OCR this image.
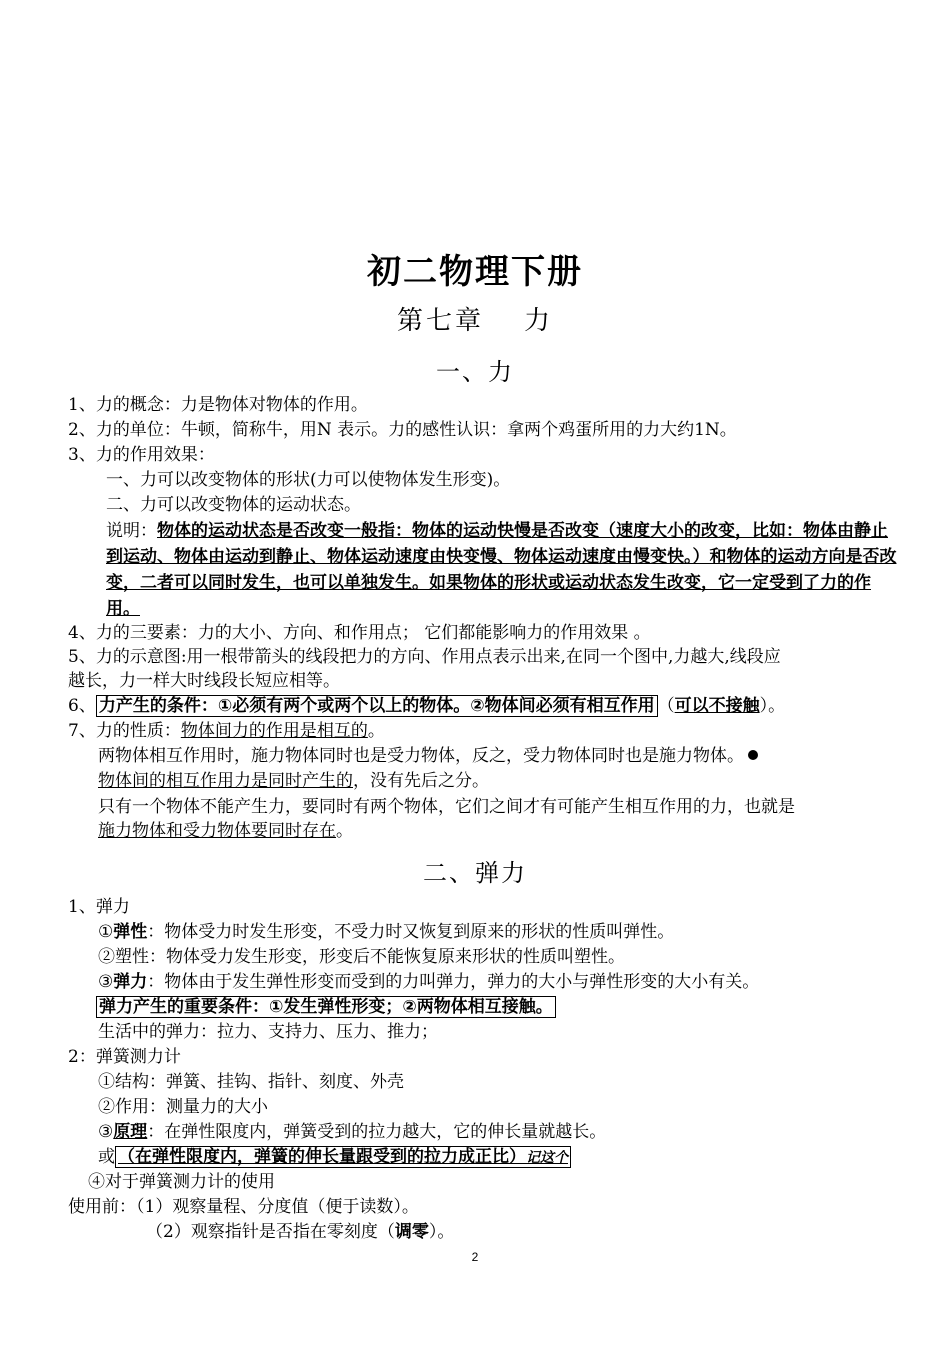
初二物理下册
第七章 力
一、力
1、力的概念：力是物体对物体的作用。
2、力的单位：牛顿，简称牛，用N 表示。力的感性认识：拿两个鸡蛋所用的力大约1N。
3、力的作用效果：
一、力可以改变物体的形状(力可以使物体发生形变)。
二、力可以改变物体的运动状态。
说明：物体的运动状态是否改变一般指：物体的运动快慢是否改变（速度大小的改变，比如：物体由静止到运动、物体由运动到静止、物体运动速度由快变慢、物体运动速度由慢变快。）和物体的运动方向是否改变，二者可以同时发生，也可以单独发生。如果物体的形状或运动状态发生改变，它一定受到了力的作用。
4、力的三要素：力的大小、方向、和作用点； 它们都能影响力的作用效果 。
5、力的示意图:用一根带箭头的线段把力的方向、作用点表示出来,在同一个图中,力越大,线段应
越长，力一样大时线段长短应相等。
6、 力产生的条件：①必须有两个或两个以上的物体。②物体间必须有相互作用 （可以不接触）。
7、力的性质：物体间力的作用是相互的。
两物体相互作用时，施力物体同时也是受力物体，反之，受力物体同时也是施力物体。
物体间的相互作用力是同时产生的，没有先后之分。
只有一个物体不能产生力，要同时有两个物体，它们之间才有可能产生相互作用的力，也就是
施力物体和受力物体要同时存在。
二、弹力
1、弹力
①弹性：物体受力时发生形变，不受力时又恢复到原来的形状的性质叫弹性。
②塑性：物体受力发生形变，形变后不能恢复原来形状的性质叫塑性。
③弹力：物体由于发生弹性形变而受到的力叫弹力，弹力的大小与弹性形变的大小有关。
弹力产生的重要条件：①发生弹性形变；②两物体相互接触。
生活中的弹力：拉力、支持力、压力、推力；
2：弹簧测力计
①结构：弹簧、挂钩、指针、刻度、外壳
②作用：测量力的大小
③原理：在弹性限度内，弹簧受到的拉力越大，它的伸长量就越长。
或 （在弹性限度内，弹簧的伸长量跟受到的拉力成正比）记这个
④对于弹簧测力计的使用
使用前：（1）观察量程、分度值（便于读数）。
（2）观察指针是否指在零刻度（调零）。
2
